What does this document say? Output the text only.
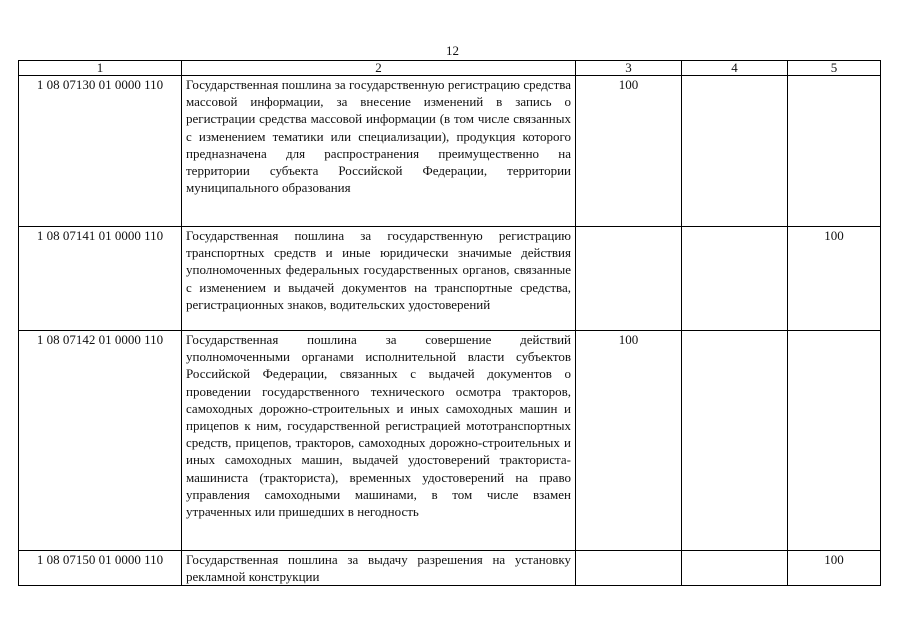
12
1	2	3	4	5
1 08 07130 01 0000 110	Государственная пошлина за государственную регистрацию средства массовой информации, за внесение изменений в запись о регистрации средства массовой информации (в том числе связанных с изменением тематики или специализации), продукция которого предназначена для распространения преимущественно на территории субъекта Российской Федерации, территории муниципального образования	100		
1 08 07141 01 0000 110	Государственная пошлина за государственную регистрацию транспортных средств и иные юридически значимые действия уполномоченных федеральных государственных органов, связанные с изменением и выдачей документов на транспортные средства, регистрационных знаков, водительских удостоверений			100
1 08 07142 01 0000 110	Государственная пошлина за совершение действий уполномоченными органами исполнительной власти субъектов Российской Федерации, связанных с выдачей документов о проведении государственного технического осмотра тракторов, самоходных дорожно-строительных и иных самоходных машин и прицепов к ним, государственной регистрацией мототранспортных средств, прицепов, тракторов, самоходных дорожно-строительных и иных самоходных машин, выдачей удостоверений тракториста-машиниста (тракториста), временных удостоверений на право управления самоходными машинами, в том числе взамен утраченных или пришедших в негодность	100		
1 08 07150 01 0000 110	Государственная пошлина за выдачу разрешения на установку рекламной конструкции			100
